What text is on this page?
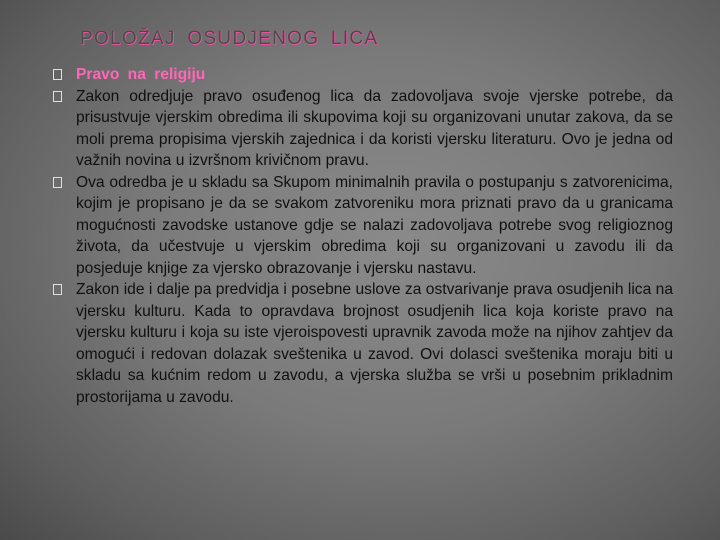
POLOŽAJ OSUDJENOG LICA
Pravo na religiju
Zakon odredjuje pravo osuđenog lica da zadovoljava svoje vjerske potrebe, da prisustvuje vjerskim obredima ili skupovima koji su organizovani unutar zakova, da se moli prema propisima vjerskih zajednica i da koristi vjersku literaturu. Ovo je jedna od važnih novina u izvršnom krivičnom pravu.
Ova odredba je u skladu sa Skupom minimalnih pravila o postupanju s zatvorenicima, kojim je propisano je da se svakom zatvoreniku mora priznati pravo da u granicama mogućnosti zavodske ustanove gdje se nalazi zadovoljava potrebe svog religioznog života, da učestvuje u vjerskim obredima koji su organizovani u zavodu ili da posjeduje knjige za vjersko obrazovanje i vjersku nastavu.
Zakon ide i dalje pa predvidja i posebne uslove za ostvarivanje prava osudjenih lica na vjersku kulturu. Kada to opravdava brojnost osudjenih lica koja koriste pravo na vjersku kulturu i koja su iste vjeroispovesti upravnik zavoda može na njihov zahtjev da omogući i redovan dolazak sveštenika u zavod. Ovi dolasci sveštenika moraju biti u skladu sa kućnim redom u zavodu, a vjerska služba se vrši u posebnim prikladnim prostorijama u zavodu.
